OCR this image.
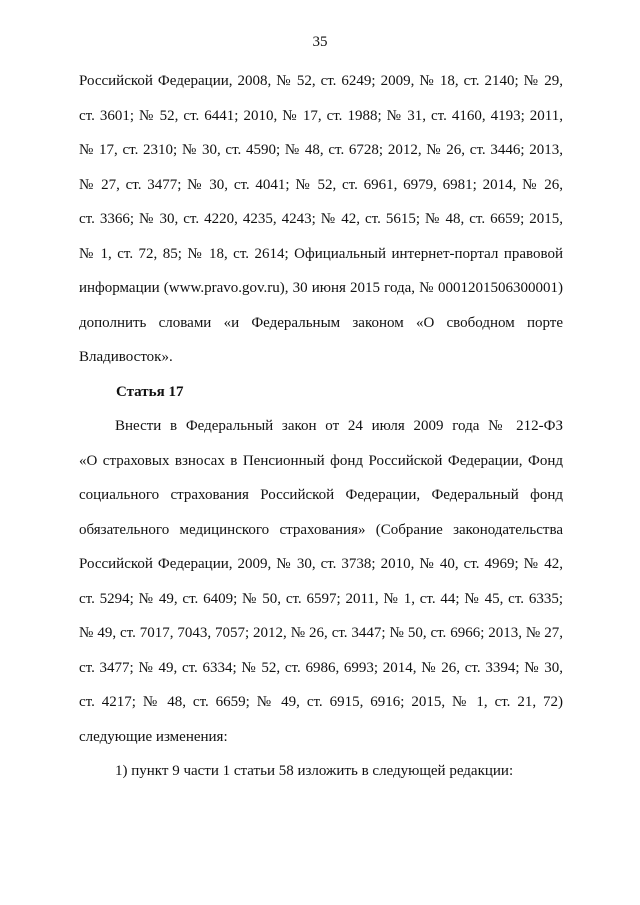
35
Российской Федерации, 2008, № 52, ст. 6249; 2009, № 18, ст. 2140; № 29,
ст. 3601; № 52, ст. 6441; 2010, № 17, ст. 1988; № 31, ст. 4160, 4193; 2011,
№ 17, ст. 2310; № 30, ст. 4590; № 48, ст. 6728; 2012, № 26, ст. 3446; 2013,
№ 27, ст. 3477; № 30, ст. 4041; № 52, ст. 6961, 6979, 6981; 2014, № 26,
ст. 3366; № 30, ст. 4220, 4235, 4243; № 42, ст. 5615; № 48, ст. 6659; 2015,
№ 1, ст. 72, 85; № 18, ст. 2614; Официальный интернет-портал правовой
информации (www.pravo.gov.ru), 30 июня 2015 года, № 0001201506300001)
дополнить словами «и Федеральным законом «О свободном порте
Владивосток».
Статья 17
Внести в Федеральный закон от 24 июля 2009 года № 212-ФЗ
«О страховых взносах в Пенсионный фонд Российской Федерации, Фонд
социального страхования Российской Федерации, Федеральный фонд
обязательного медицинского страхования» (Собрание законодательства
Российской Федерации, 2009, № 30, ст. 3738; 2010, № 40, ст. 4969; № 42,
ст. 5294; № 49, ст. 6409; № 50, ст. 6597; 2011, № 1, ст. 44; № 45, ст. 6335;
№ 49, ст. 7017, 7043, 7057; 2012, № 26, ст. 3447; № 50, ст. 6966; 2013, № 27,
ст. 3477; № 49, ст. 6334; № 52, ст. 6986, 6993; 2014, № 26, ст. 3394; № 30,
ст. 4217; № 48, ст. 6659; № 49, ст. 6915, 6916; 2015, № 1, ст. 21, 72)
следующие изменения:
1) пункт 9 части 1 статьи 58 изложить в следующей редакции:
